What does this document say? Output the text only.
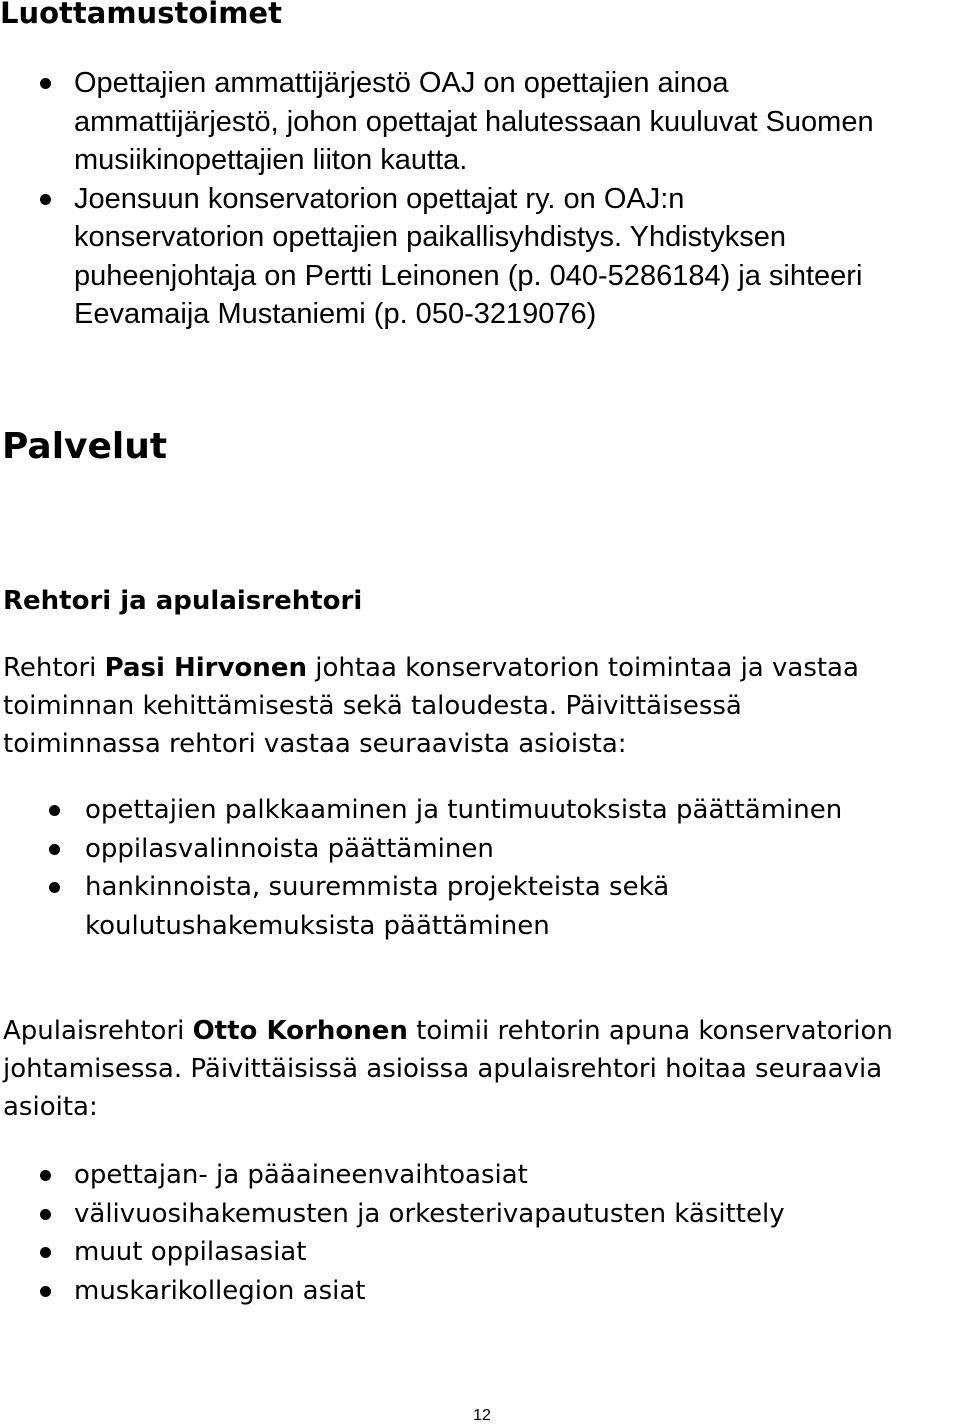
Luottamustoimet
Opettajien ammattijärjestö OAJ on opettajien ainoa
ammattijärjestö, johon opettajat halutessaan kuuluvat Suomen
musiikinopettajien liiton kautta.
Joensuun konservatorion opettajat ry. on OAJ:n
konservatorion opettajien paikallisyhdistys. Yhdistyksen
puheenjohtaja on Pertti Leinonen (p. 040-5286184) ja sihteeri
Eevamaija Mustaniemi (p. 050-3219076)
Palvelut
Rehtori ja apulaisrehtori
Rehtori Pasi Hirvonen johtaa konservatorion toimintaa ja vastaa
toiminnan kehittämisestä sekä taloudesta. Päivittäisessä
toiminnassa rehtori vastaa seuraavista asioista:
opettajien palkkaaminen ja tuntimuutoksista päättäminen
oppilasvalinnoista päättäminen
hankinnoista, suuremmista projekteista sekä
koulutushakemuksista päättäminen
Apulaisrehtori Otto Korhonen toimii rehtorin apuna konservatorion
johtamisessa. Päivittäisissä asioissa apulaisrehtori hoitaa seuraavia
asioita:
opettajan- ja pääaineenvaihtoasiat
välivuosihakemusten ja orkesterivapautusten käsittely
muut oppilasasiat
muskarikollegion asiat
12
